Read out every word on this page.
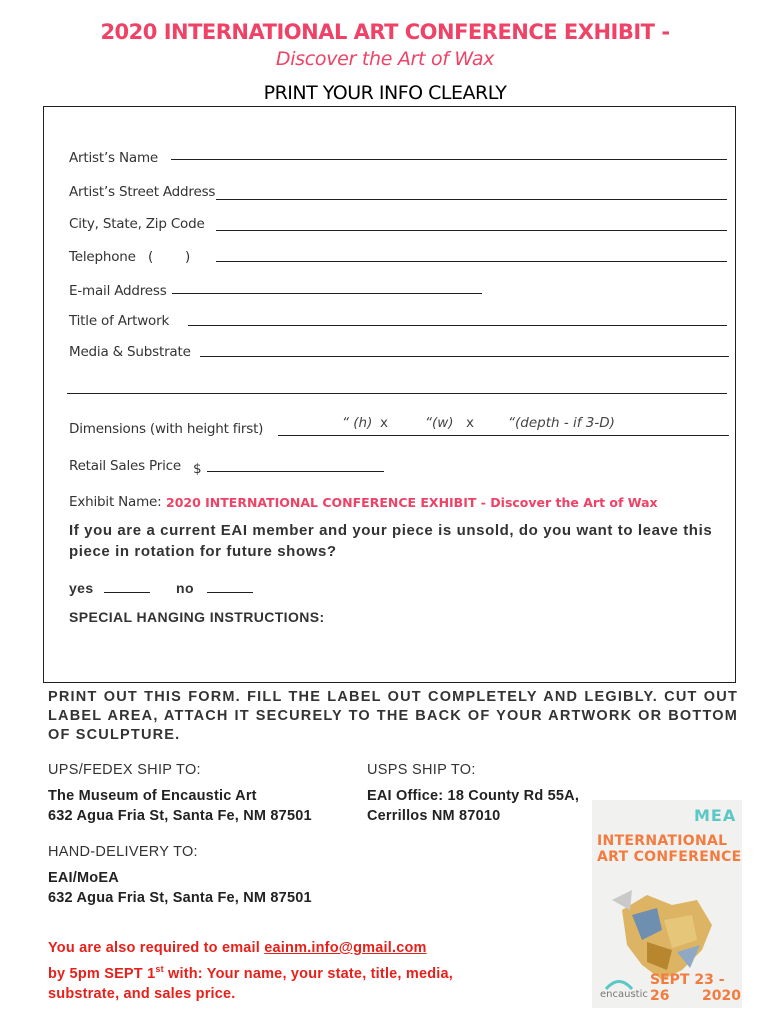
2020 INTERNATIONAL ART CONFERENCE EXHIBIT -
Discover the Art of Wax
PRINT YOUR INFO CLEARLY
Artist’s Name
Artist’s Street Address
City, State, Zip Code
Telephone ( )
E-mail Address
Title of Artwork
Media & Substrate
Dimensions (with height first)	“ (h) x	“(w) x	“(depth - if 3-D)
Retail Sales Price $
Exhibit Name: 2020 INTERNATIONAL CONFERENCE EXHIBIT - Discover the Art of Wax
If you are a current EAI member and your piece is unsold, do you want to leave this piece in rotation for future shows?
yes	no
SPECIAL HANGING INSTRUCTIONS:
PRINT OUT THIS FORM. FILL THE LABEL OUT COMPLETELY AND LEGIBLY. CUT OUT LABEL AREA, ATTACH IT SECURELY TO THE BACK OF YOUR ARTWORK OR BOTTOM OF SCULPTURE.
UPS/FEDEX SHIP TO:
The Museum of Encaustic Art
632 Agua Fria St, Santa Fe, NM 87501
USPS SHIP TO:
EAI Office: 18 County Rd 55A,
Cerrillos NM 87010
HAND-DELIVERY TO:
EAI/MoEA
632 Agua Fria St, Santa Fe, NM 87501
You are also required to email eainm.info@gmail.com
by 5pm SEPT 1st with: Your name, your state, title, media,
substrate, and sales price.
MEA
INTERNATIONAL
ART CONFERENCE
SEPT 23 - 26	2020
encaustic
